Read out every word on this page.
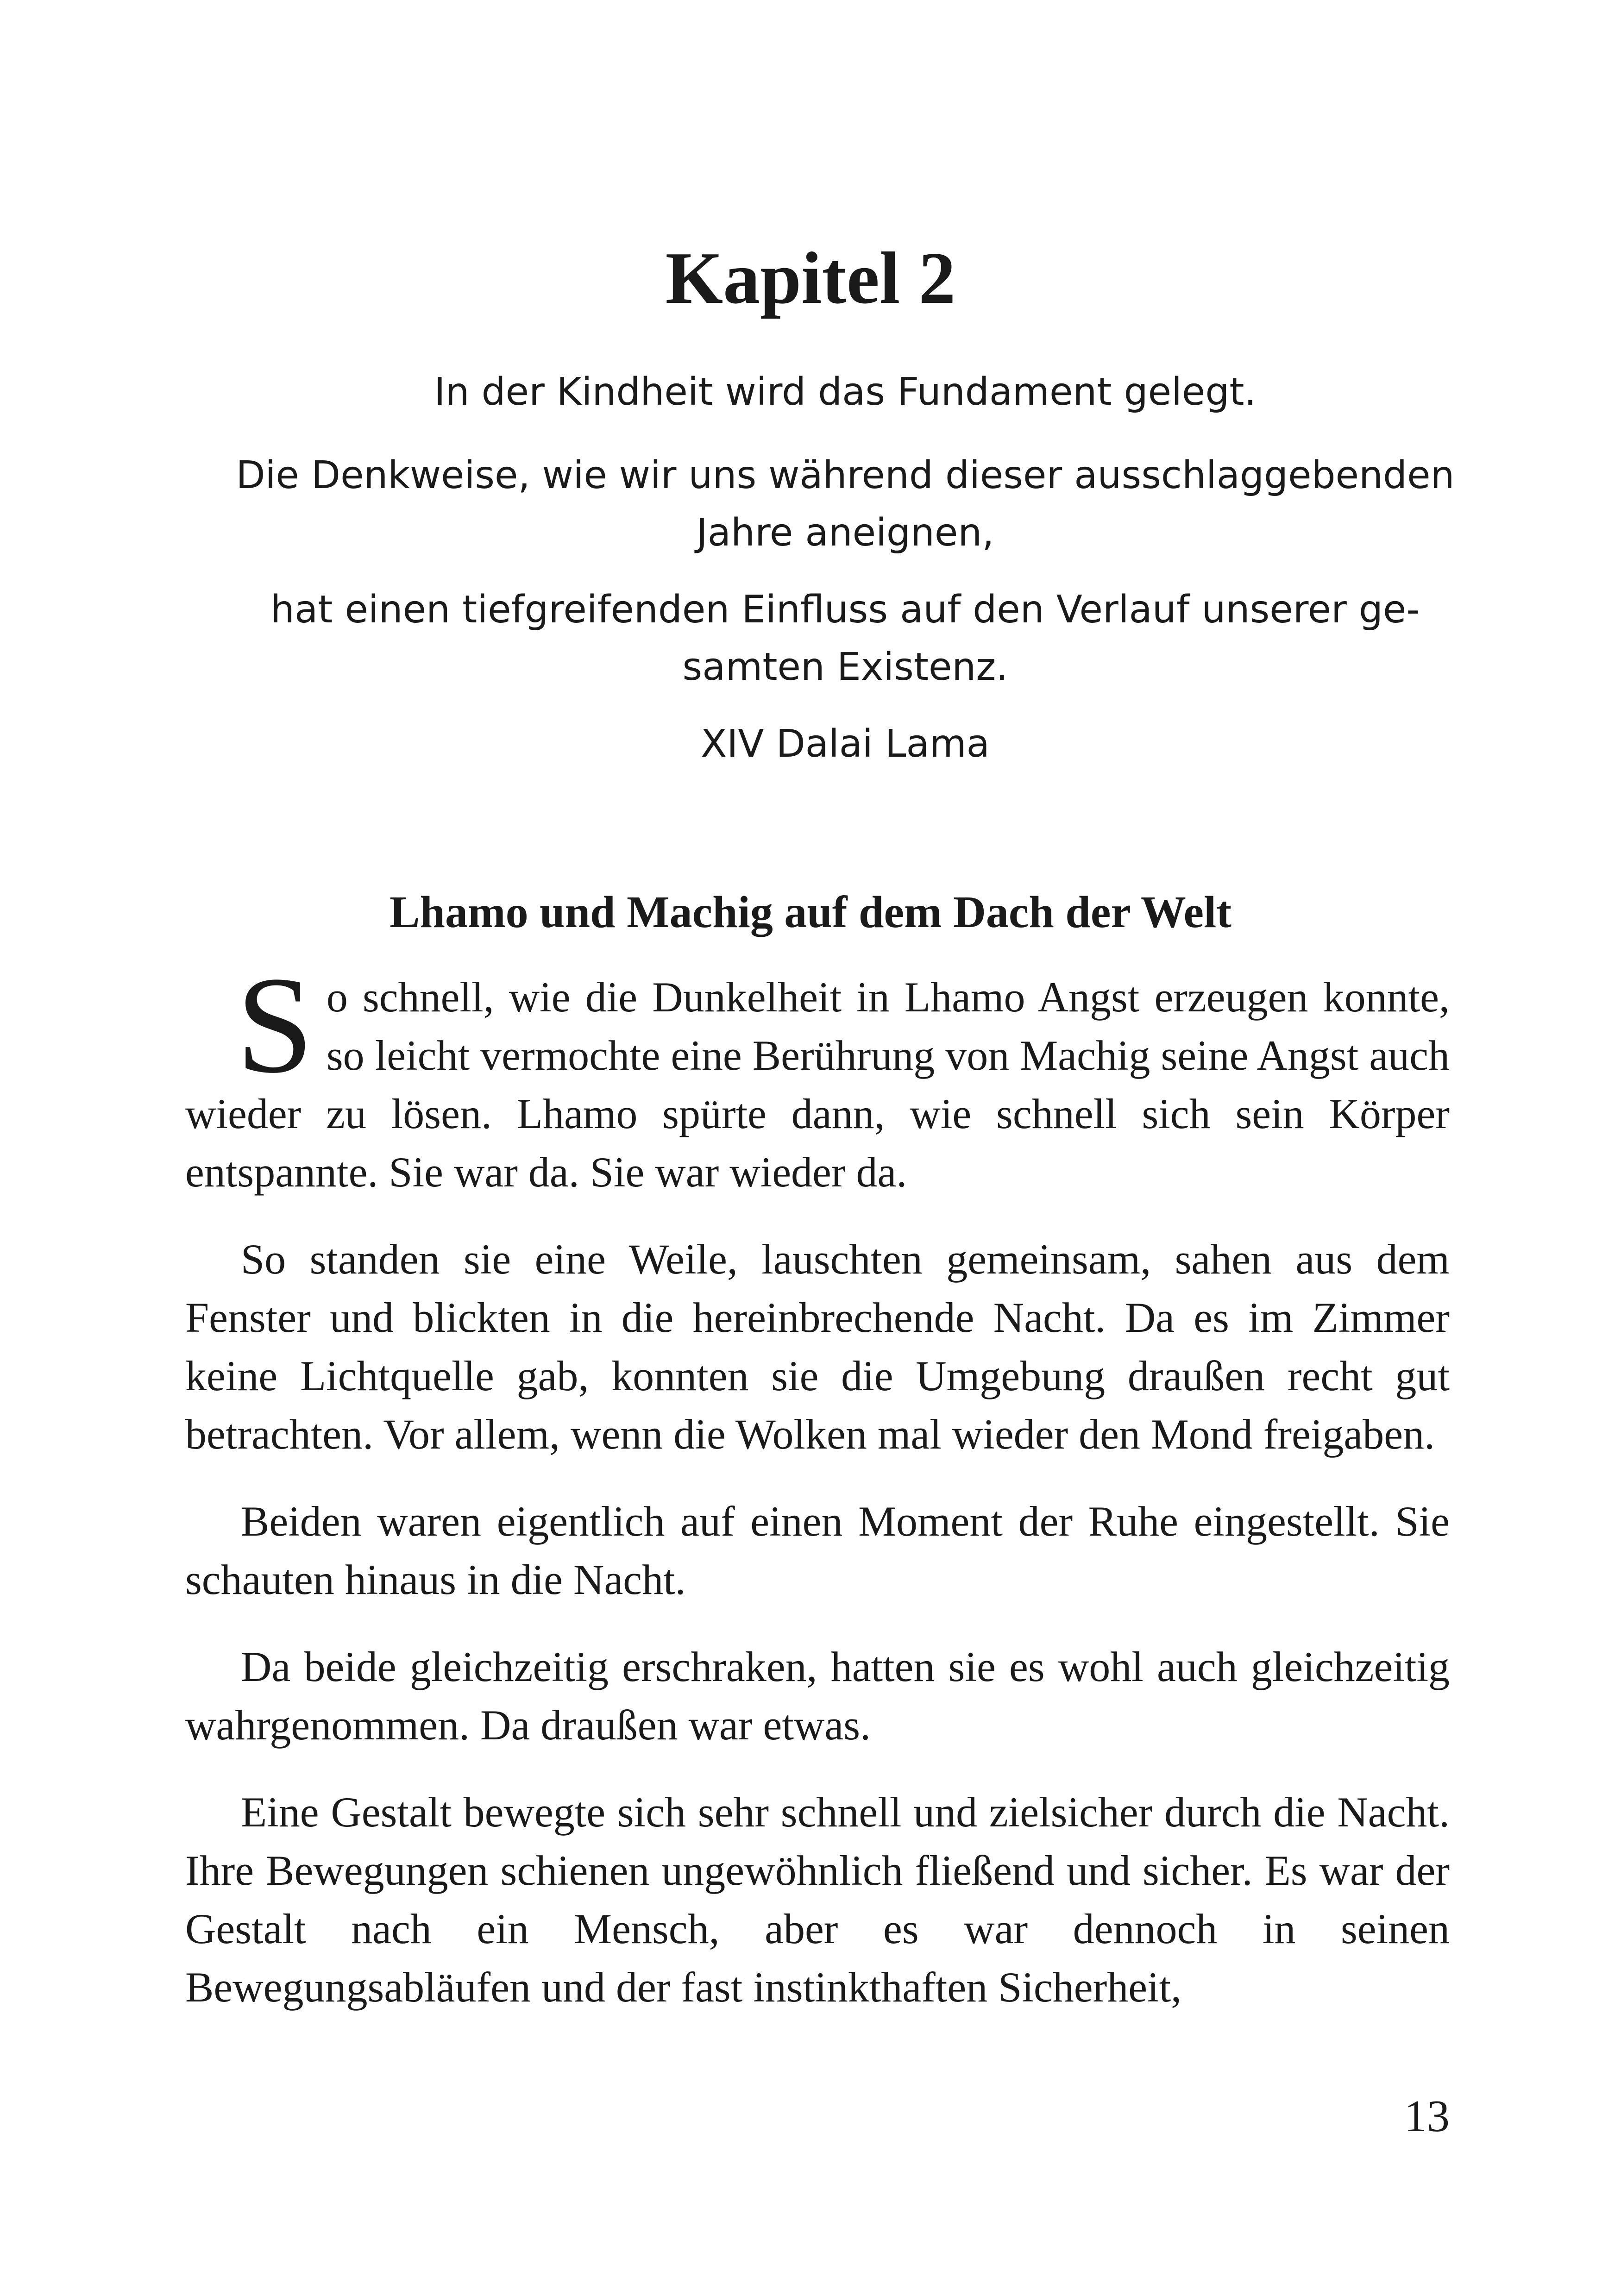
Kapitel 2

In der Kindheit wird das Fundament gelegt.

Die Denkweise, wie wir uns während dieser ausschlaggebenden Jahre aneignen,

hat einen tiefgreifenden Einfluss auf den Verlauf unserer gesamten Existenz.

XIV Dalai Lama

Lhamo und Machig auf dem Dach der Welt

So schnell, wie die Dunkelheit in Lhamo Angst erzeugen konnte, so leicht vermochte eine Berührung von Machig seine Angst auch wieder zu lösen. Lhamo spürte dann, wie schnell sich sein Körper entspannte. Sie war da. Sie war wieder da.

So standen sie eine Weile, lauschten gemeinsam, sahen aus dem Fenster und blickten in die hereinbrechende Nacht. Da es im Zimmer keine Lichtquelle gab, konnten sie die Umgebung draußen recht gut betrachten. Vor allem, wenn die Wolken mal wieder den Mond freigaben.

Beiden waren eigentlich auf einen Moment der Ruhe eingestellt. Sie schauten hinaus in die Nacht.

Da beide gleichzeitig erschraken, hatten sie es wohl auch gleichzeitig wahrgenommen. Da draußen war etwas.

Eine Gestalt bewegte sich sehr schnell und zielsicher durch die Nacht. Ihre Bewegungen schienen ungewöhnlich fließend und sicher. Es war der Gestalt nach ein Mensch, aber es war dennoch in seinen Bewegungsabläufen und der fast instinkthaften Sicherheit,

13
